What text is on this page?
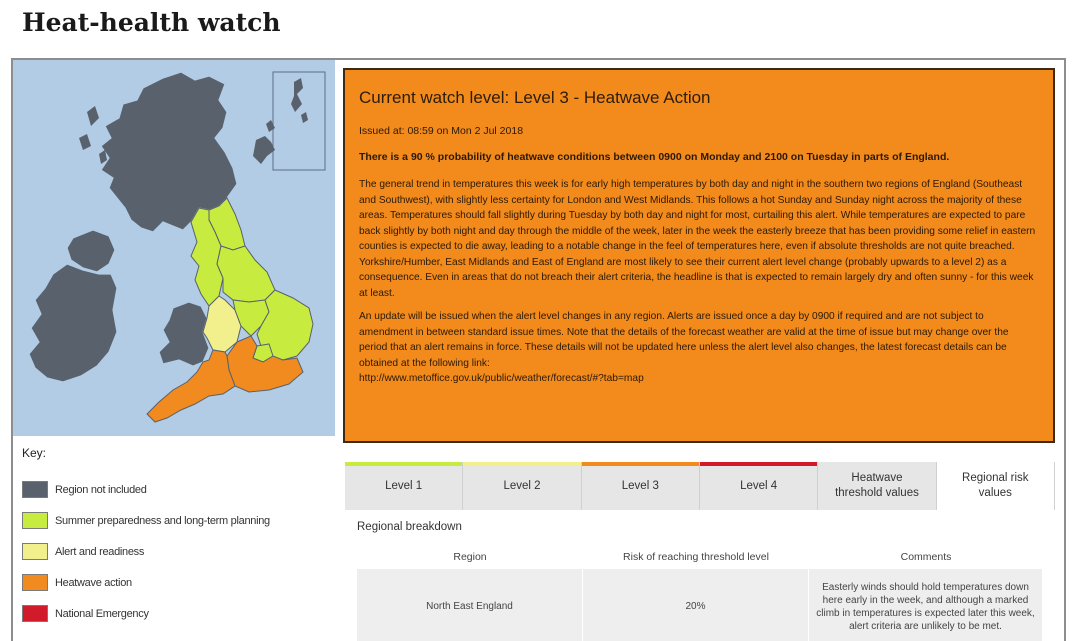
Heat-health watch
Key:
Region not included
Summer preparedness and long-term planning
Alert and readiness
Heatwave action
National Emergency
Current watch level: Level 3 - Heatwave Action
Issued at: 08:59 on Mon 2 Jul 2018
There is a 90 % probability of heatwave conditions between 0900 on Monday and 2100 on Tuesday in parts of England.

The general trend in temperatures this week is for early high temperatures by both day and night in the southern two regions of England (Southeast and Southwest), with slightly less certainty for London and West Midlands. This follows a hot Sunday and Sunday night across the majority of these areas. Temperatures should fall slightly during Tuesday by both day and night for most, curtailing this alert. While temperatures are expected to pare back slightly by both night and day through the middle of the week, later in the week the easterly breeze that has been providing some relief in eastern counties is expected to die away, leading to a notable change in the feel of temperatures here, even if absolute thresholds are not quite breached. Yorkshire/Humber, East Midlands and East of England are most likely to see their current alert level change (probably upwards to a level 2) as a consequence. Even in areas that do not breach their alert criteria, the headline is that is expected to remain largely dry and often sunny - for this week at least.

An update will be issued when the alert level changes in any region. Alerts are issued once a day by 0900 if required and are not subject to amendment in between standard issue times. Note that the details of the forecast weather are valid at the time of issue but may change over the period that an alert remains in force. These details will not be updated here unless the alert level also changes, the latest forecast details can be obtained at the following link:
http://www.metoffice.gov.uk/public/weather/forecast/#?tab=map

Level 1	Level 2	Level 3	Level 4
Heatwave threshold values
Regional risk values
Regional breakdown
Region	Risk of reaching threshold level	Comments
North East England	20%	Easterly winds should hold temperatures down here early in the week, and although a marked climb in temperatures is expected later this week, alert criteria are unlikely to be met.
